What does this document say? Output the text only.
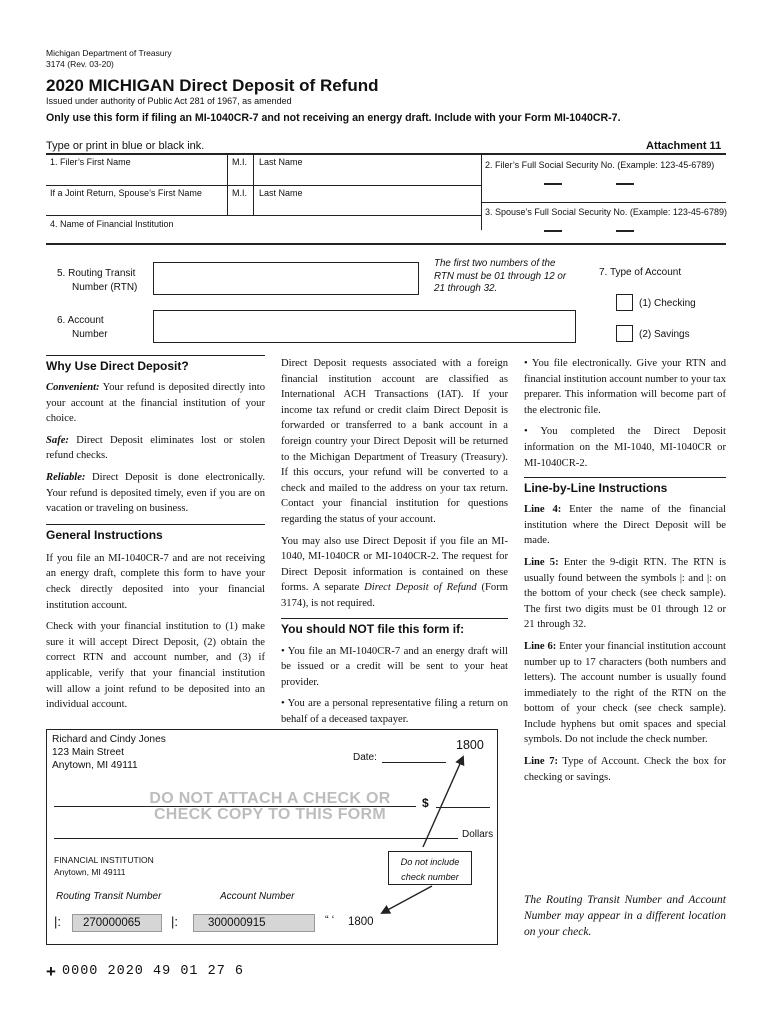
Michigan Department of Treasury
3174 (Rev. 03-20)
2020 MICHIGAN Direct Deposit of Refund
Issued under authority of Public Act 281 of 1967, as amended
Only use this form if filing an MI-1040CR-7 and not receiving an energy draft. Include with your Form MI-1040CR-7.
Type or print in blue or black ink.	Attachment 11
1. Filer’s First Name	M.I. Last Name	2. Filer’s Full Social Security No. (Example: 123-45-6789)
If a Joint Return, Spouse’s First Name	M.I. Last Name
3. Spouse’s Full Social Security No. (Example: 123-45-6789)
4. Name of Financial Institution
5. Routing Transit
Number (RTN)
The first two numbers of the RTN must be 01 through 12 or 21 through 32.
6. Account
Number
7. Type of Account
(1) Checking
(2) Savings
Why Use Direct Deposit?

Convenient: Your refund is deposited directly into your account at the financial institution of your choice.

Safe: Direct Deposit eliminates lost or stolen refund checks.

Reliable: Direct Deposit is done electronically. Your refund is deposited timely, even if you are on vacation or traveling on business.

General Instructions

If you file an MI-1040CR-7 and are not receiving an energy draft, complete this form to have your check directly deposited into your financial institution account.

Check with your financial institution to (1) make sure it will accept Direct Deposit, (2) obtain the correct RTN and account number, and (3) if applicable, verify that your financial institution will allow a joint refund to be deposited into an individual account.

Direct Deposit requests associated with a foreign financial institution account are classified as International ACH Transactions (IAT). If your income tax refund or credit claim Direct Deposit is forwarded or transferred to a bank account in a foreign country your Direct Deposit will be returned to the Michigan Department of Treasury (Treasury). If this occurs, your refund will be converted to a check and mailed to the address on your tax return. Contact your financial institution for questions regarding the status of your account.

You may also use Direct Deposit if you file an MI-1040, MI-1040CR or MI-1040CR-2. The request for Direct Deposit information is contained on these forms. A separate Direct Deposit of Refund (Form 3174), is not required.

You should NOT file this form if:

• You file an MI-1040CR-7 and an energy draft will be issued or a credit will be sent to your heat provider.

• You are a personal representative filing a return on behalf of a deceased taxpayer.

• You file electronically. Give your RTN and financial institution account number to your tax preparer. This information will become part of the electronic file.

• You completed the Direct Deposit information on the MI-1040, MI-1040CR or MI-1040CR-2.

Line-by-Line Instructions

Line 4: Enter the name of the financial institution where the Direct Deposit will be made.

Line 5: Enter the 9-digit RTN. The RTN is usually found between the symbols |: and |: on the bottom of your check (see check sample). The first two digits must be 01 through 12 or 21 through 32.

Line 6: Enter your financial institution account number up to 17 characters (both numbers and letters). The account number is usually found immediately to the right of the RTN on the bottom of your check (see check sample). Include hyphens but omit spaces and special symbols. Do not include the check number.

Line 7: Type of Account. Check the box for checking or savings.

The Routing Transit Number and Account Number may appear in a different location on your check.
Richard and Cindy Jones
123 Main Street
Anytown, MI 49111
1800
Date:
DO NOT ATTACH A CHECK OR
CHECK COPY TO THIS FORM
$
Dollars
FINANCIAL INSTITUTION
Anytown, MI 49111
Do not include
check number
Routing Transit Number	Account Number
|:	270000065	|:	300000915	“ ‘ 1800
+ 0000 2020 49 01 27 6
